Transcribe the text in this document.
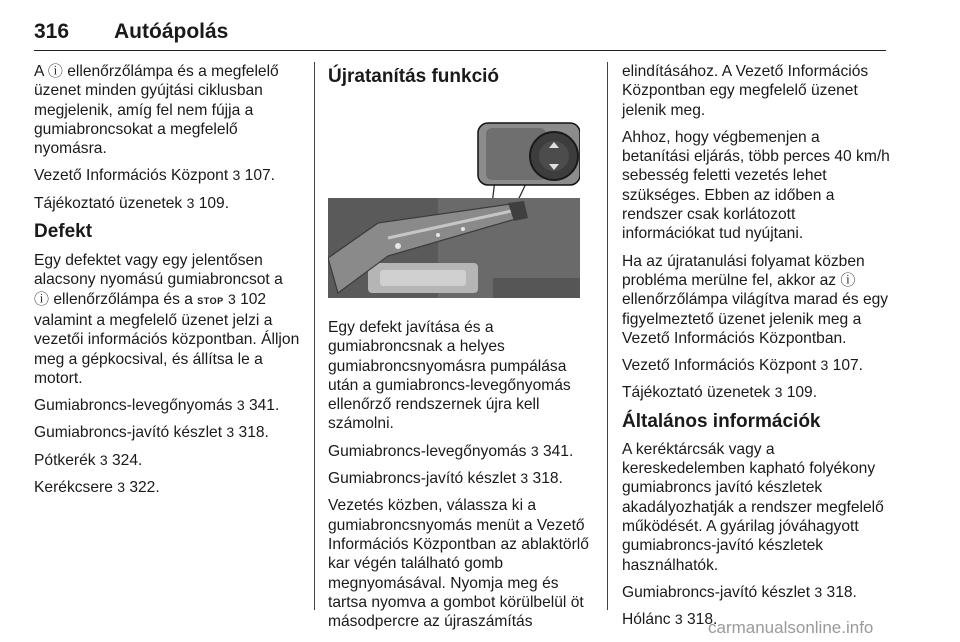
316 Autóápolás

A ⓘ ellenőrzőlámpa és a megfelelő üzenet minden gyújtási ciklusban megjelenik, amíg fel nem fújja a gumiabroncsokat a megfelelő nyomásra.

Vezető Információs Központ 3 107.

Tájékoztató üzenetek 3 109.

Defekt

Egy defektet vagy egy jelentősen alacsony nyomású gumiabroncsot a ⓘ ellenőrzőlámpa és a STOP 3 102 valamint a megfelelő üzenet jelzi a vezetői információs központban. Álljon meg a gépkocsival, és állítsa le a motort.

Gumiabroncs-levegőnyomás 3 341.

Gumiabroncs-javító készlet 3 318.

Pótkerék 3 324.

Kerékcsere 3 322.

Újratanítás funkció

Egy defekt javítása és a gumiabroncsnak a helyes gumiabroncsnyomásra pumpálása után a gumiabroncs-levegőnyomás ellenőrző rendszernek újra kell számolni.

Gumiabroncs-levegőnyomás 3 341.

Gumiabroncs-javító készlet 3 318.

Vezetés közben, válassza ki a gumiabroncsnyomás menüt a Vezető Információs Központban az ablaktörlő kar végén található gomb megnyomásával. Nyomja meg és tartsa nyomva a gombot körülbelül öt másodpercre az újraszámítás

elindításához. A Vezető Információs Központban egy megfelelő üzenet jelenik meg.

Ahhoz, hogy végbemenjen a betanítási eljárás, több perces 40 km/h sebesség feletti vezetés lehet szükséges. Ebben az időben a rendszer csak korlátozott információkat tud nyújtani.

Ha az újratanulási folyamat közben probléma merülne fel, akkor az ⓘ ellenőrzőlámpa világítva marad és egy figyelmeztető üzenet jelenik meg a Vezető Információs Központban.

Vezető Információs Központ 3 107.

Tájékoztató üzenetek 3 109.

Általános információk

A keréktárcsák vagy a kereskedelemben kapható folyékony gumiabroncs javító készletek akadályozhatják a rendszer megfelelő működését. A gyárilag jóváhagyott gumiabroncs-javító készletek használhatók.

Gumiabroncs-javító készlet 3 318.

Hólánc 3 318.

carmanualsonline.info
